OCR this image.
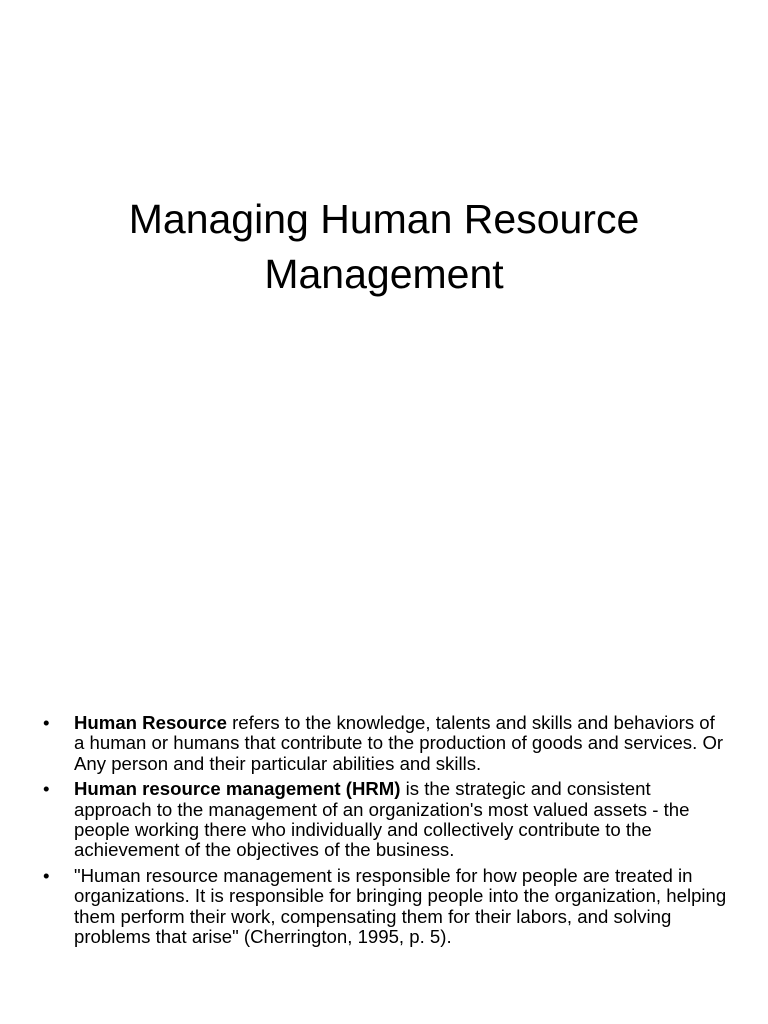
Managing Human Resource
Management
• Human Resource refers to the knowledge, talents and skills and behaviors of a human or humans that contribute to the production of goods and services. Or Any person and their particular abilities and skills.
• Human resource management (HRM) is the strategic and consistent approach to the management of an organization's most valued assets - the people working there who individually and collectively contribute to the achievement of the objectives of the business.
• "Human resource management is responsible for how people are treated in organizations. It is responsible for bringing people into the organization, helping them perform their work, compensating them for their labors, and solving problems that arise" (Cherrington, 1995, p. 5).
